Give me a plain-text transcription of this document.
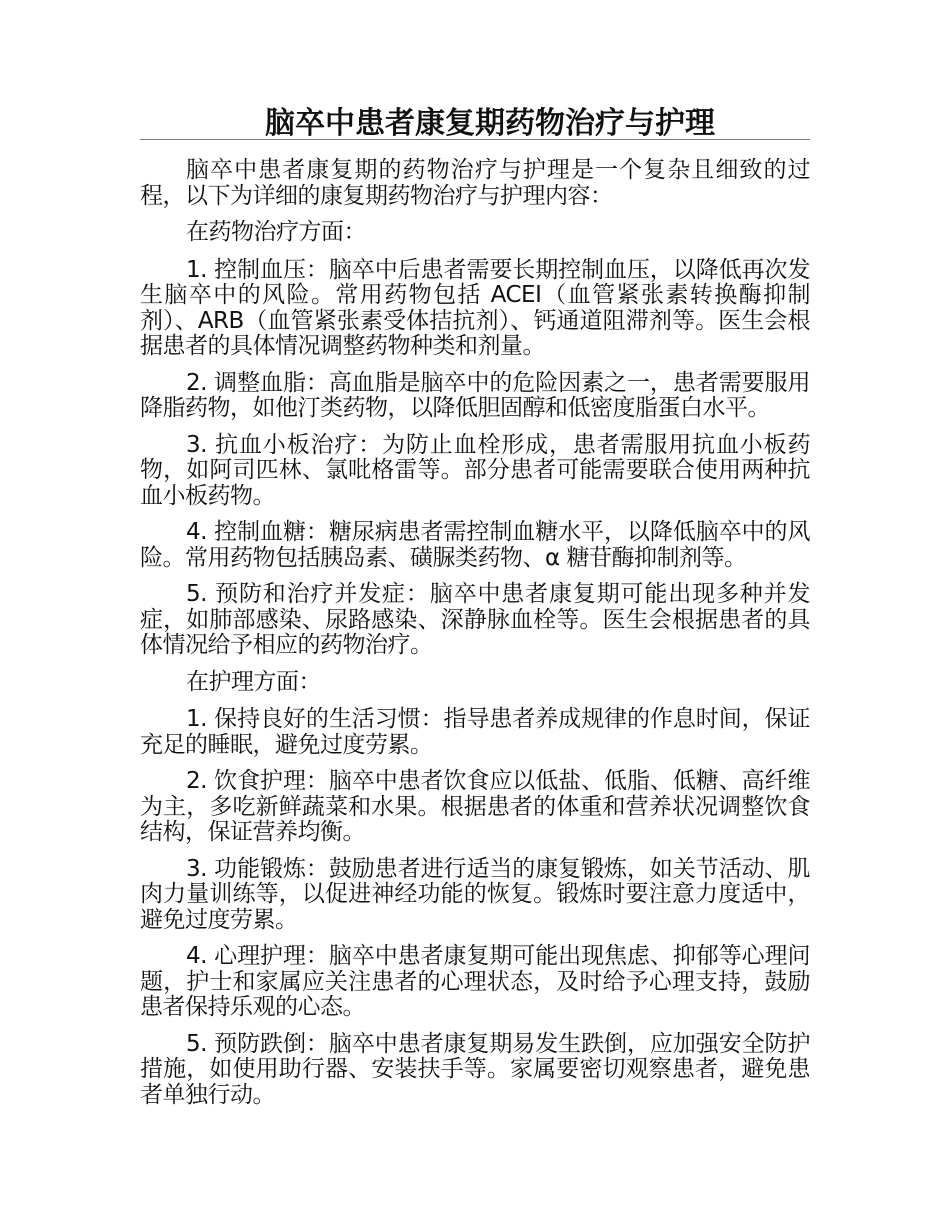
脑卒中患者康复期药物治疗与护理

脑卒中患者康复期的药物治疗与护理是一个复杂且细致的过程，以下为详细的康复期药物治疗与护理内容：

在药物治疗方面：

1. 控制血压：脑卒中后患者需要长期控制血压，以降低再次发生脑卒中的风险。常用药物包括 ACEI（血管紧张素转换酶抑制剂）、ARB（血管紧张素受体拮抗剂）、钙通道阻滞剂等。医生会根据患者的具体情况调整药物种类和剂量。

2. 调整血脂：高血脂是脑卒中的危险因素之一，患者需要服用降脂药物，如他汀类药物，以降低胆固醇和低密度脂蛋白水平。

3. 抗血小板治疗：为防止血栓形成，患者需服用抗血小板药物，如阿司匹林、氯吡格雷等。部分患者可能需要联合使用两种抗血小板药物。

4. 控制血糖：糖尿病患者需控制血糖水平，以降低脑卒中的风险。常用药物包括胰岛素、磺脲类药物、α 糖苷酶抑制剂等。

5. 预防和治疗并发症：脑卒中患者康复期可能出现多种并发症，如肺部感染、尿路感染、深静脉血栓等。医生会根据患者的具体情况给予相应的药物治疗。

在护理方面：

1. 保持良好的生活习惯：指导患者养成规律的作息时间，保证充足的睡眠，避免过度劳累。

2. 饮食护理：脑卒中患者饮食应以低盐、低脂、低糖、高纤维为主，多吃新鲜蔬菜和水果。根据患者的体重和营养状况调整饮食结构，保证营养均衡。

3. 功能锻炼：鼓励患者进行适当的康复锻炼，如关节活动、肌肉力量训练等，以促进神经功能的恢复。锻炼时要注意力度适中，避免过度劳累。

4. 心理护理：脑卒中患者康复期可能出现焦虑、抑郁等心理问题，护士和家属应关注患者的心理状态，及时给予心理支持，鼓励患者保持乐观的心态。

5. 预防跌倒：脑卒中患者康复期易发生跌倒，应加强安全防护措施，如使用助行器、安装扶手等。家属要密切观察患者，避免患者单独行动。
